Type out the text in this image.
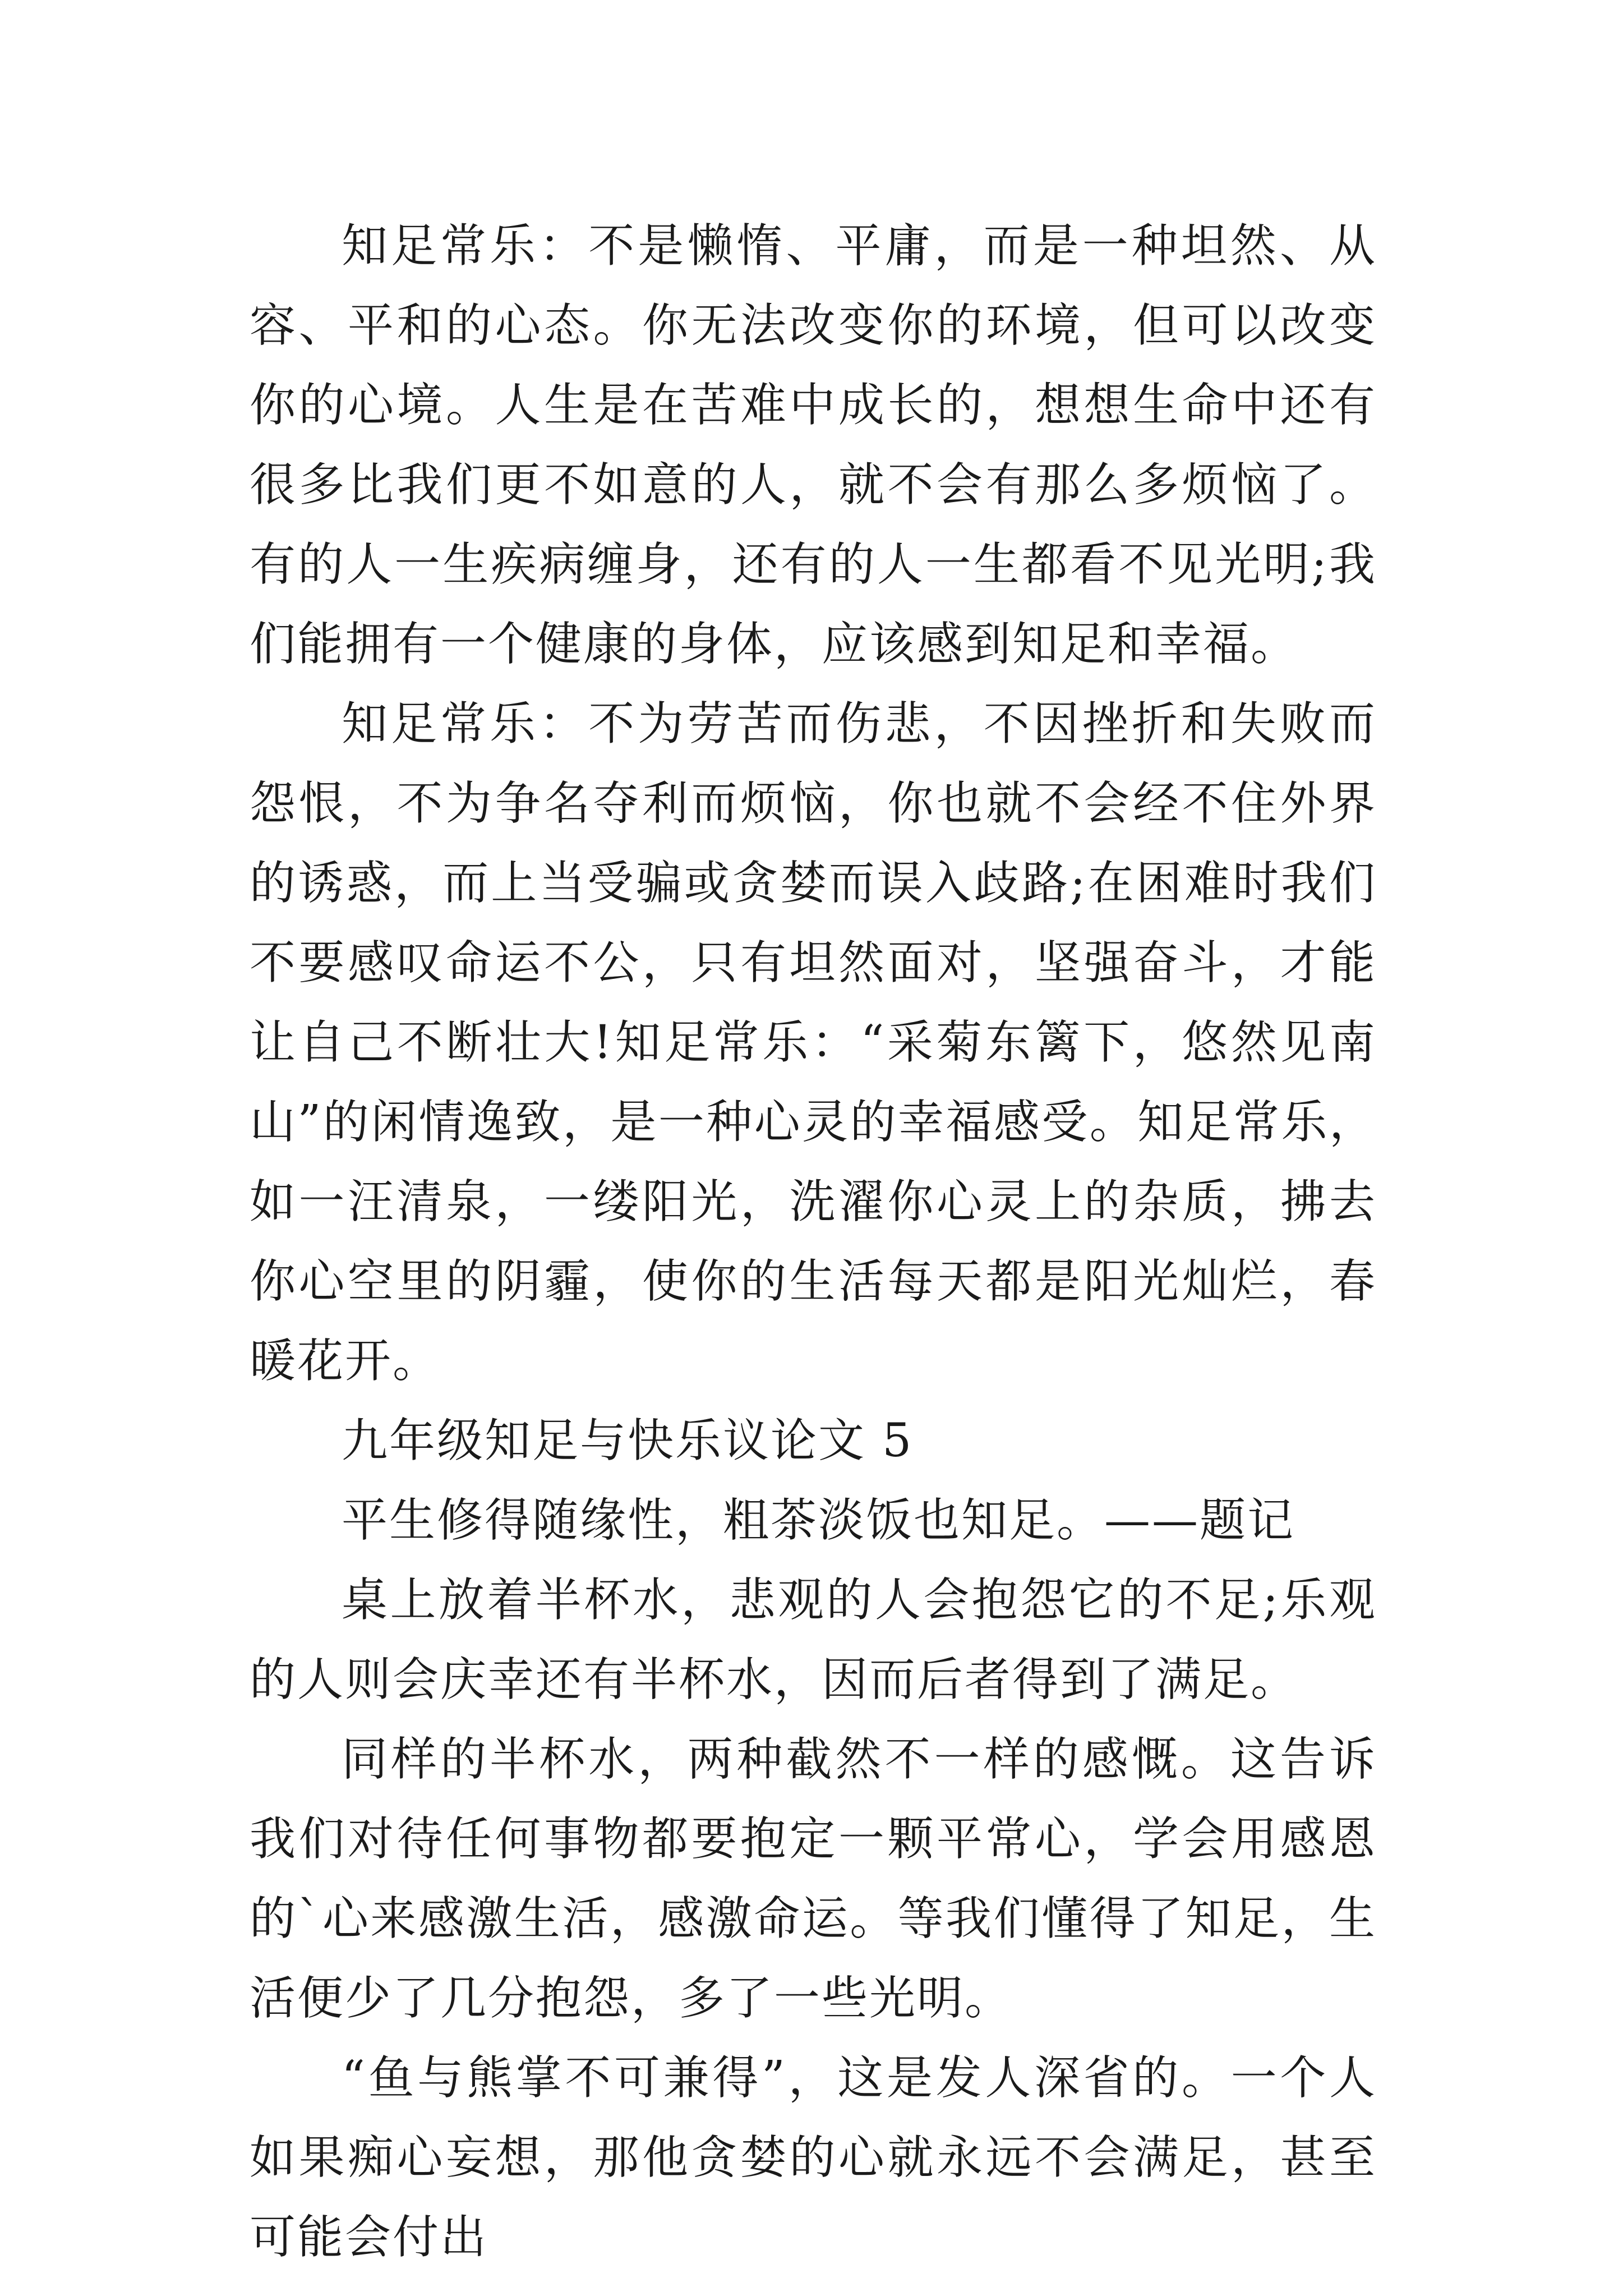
知足常乐：不是懒惰、平庸，而是一种坦然、从容、平和的心态。你无法改变你的环境，但可以改变你的心境。人生是在苦难中成长的，想想生命中还有很多比我们更不如意的人，就不会有那么多烦恼了。有的人一生疾病缠身，还有的人一生都看不见光明;我们能拥有一个健康的身体，应该感到知足和幸福。

知足常乐：不为劳苦而伤悲，不因挫折和失败而怨恨，不为争名夺利而烦恼，你也就不会经不住外界的诱惑，而上当受骗或贪婪而误入歧路;在困难时我们不要感叹命运不公，只有坦然面对，坚强奋斗，才能让自己不断壮大!知足常乐：“采菊东篱下，悠然见南山”的闲情逸致，是一种心灵的幸福感受。知足常乐，如一汪清泉，一缕阳光，洗濯你心灵上的杂质，拂去你心空里的阴霾，使你的生活每天都是阳光灿烂，春暖花开。

九年级知足与快乐议论文 5

平生修得随缘性，粗茶淡饭也知足。——题记

桌上放着半杯水，悲观的人会抱怨它的不足;乐观的人则会庆幸还有半杯水，因而后者得到了满足。

同样的半杯水，两种截然不一样的感慨。这告诉我们对待任何事物都要抱定一颗平常心，学会用感恩的`心来感激生活，感激命运。等我们懂得了知足，生活便少了几分抱怨，多了一些光明。

“鱼与熊掌不可兼得”，这是发人深省的。一个人如果痴心妄想，那他贪婪的心就永远不会满足，甚至可能会付出
